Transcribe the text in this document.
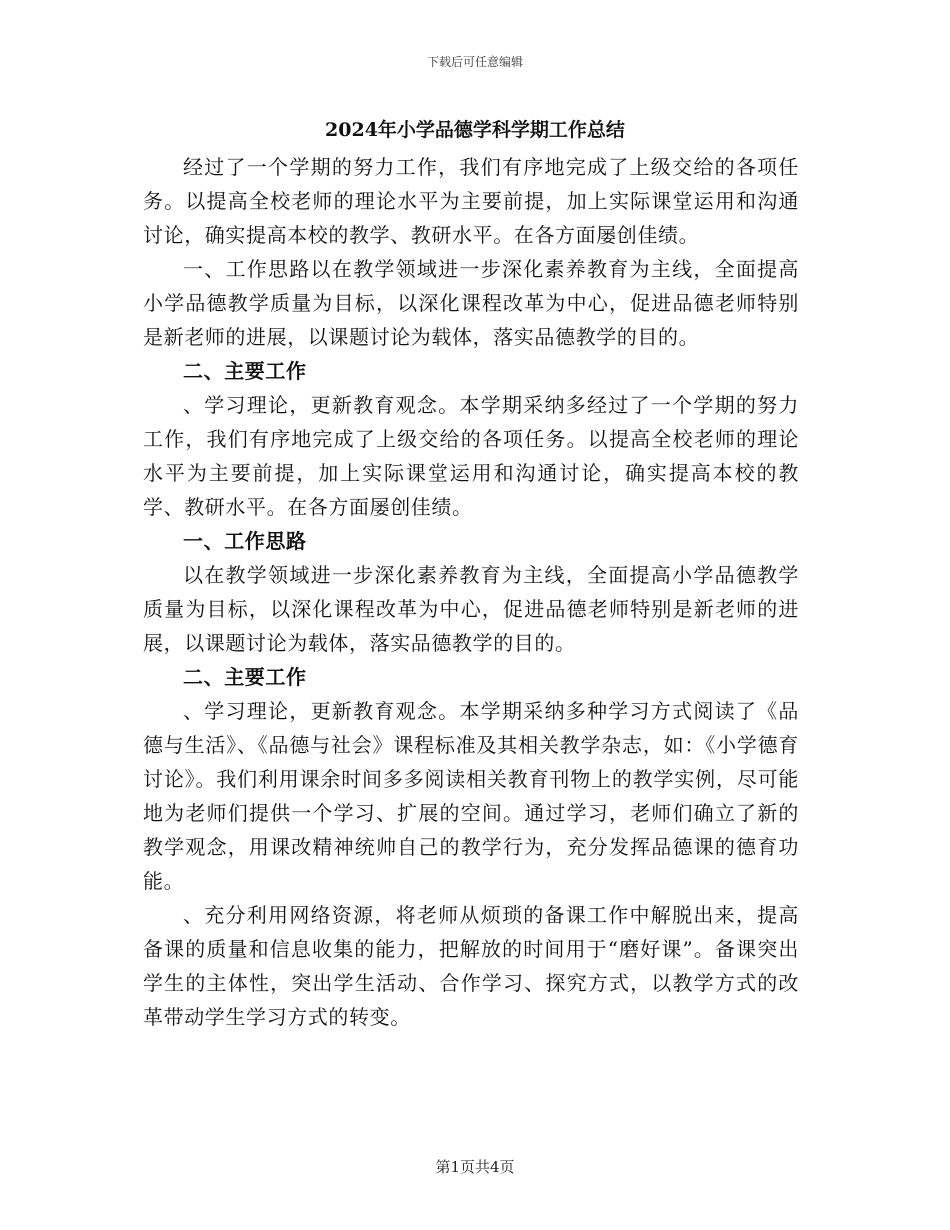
下载后可任意编辑
2024年小学品德学科学期工作总结

经过了一个学期的努力工作，我们有序地完成了上级交给的各项任务。以提高全校老师的理论水平为主要前提，加上实际课堂运用和沟通讨论，确实提高本校的教学、教研水平。在各方面屡创佳绩。

一、工作思路以在教学领域进一步深化素养教育为主线，全面提高小学品德教学质量为目标，以深化课程改革为中心，促进品德老师特别是新老师的进展，以课题讨论为载体，落实品德教学的目的。

二、主要工作

、学习理论，更新教育观念。本学期采纳多经过了一个学期的努力工作，我们有序地完成了上级交给的各项任务。以提高全校老师的理论水平为主要前提，加上实际课堂运用和沟通讨论，确实提高本校的教学、教研水平。在各方面屡创佳绩。

一、工作思路

以在教学领域进一步深化素养教育为主线，全面提高小学品德教学质量为目标，以深化课程改革为中心，促进品德老师特别是新老师的进展，以课题讨论为载体，落实品德教学的目的。

二、主要工作

、学习理论，更新教育观念。本学期采纳多种学习方式阅读了《品德与生活》、《品德与社会》课程标准及其相关教学杂志，如：《小学德育讨论》。我们利用课余时间多多阅读相关教育刊物上的教学实例，尽可能地为老师们提供一个学习、扩展的空间。通过学习，老师们确立了新的教学观念，用课改精神统帅自己的教学行为，充分发挥品德课的德育功能。

、充分利用网络资源，将老师从烦琐的备课工作中解脱出来，提高备课的质量和信息收集的能力，把解放的时间用于“磨好课”。备课突出学生的主体性，突出学生活动、合作学习、探究方式，以教学方式的改革带动学生学习方式的转变。

第1页共4页
